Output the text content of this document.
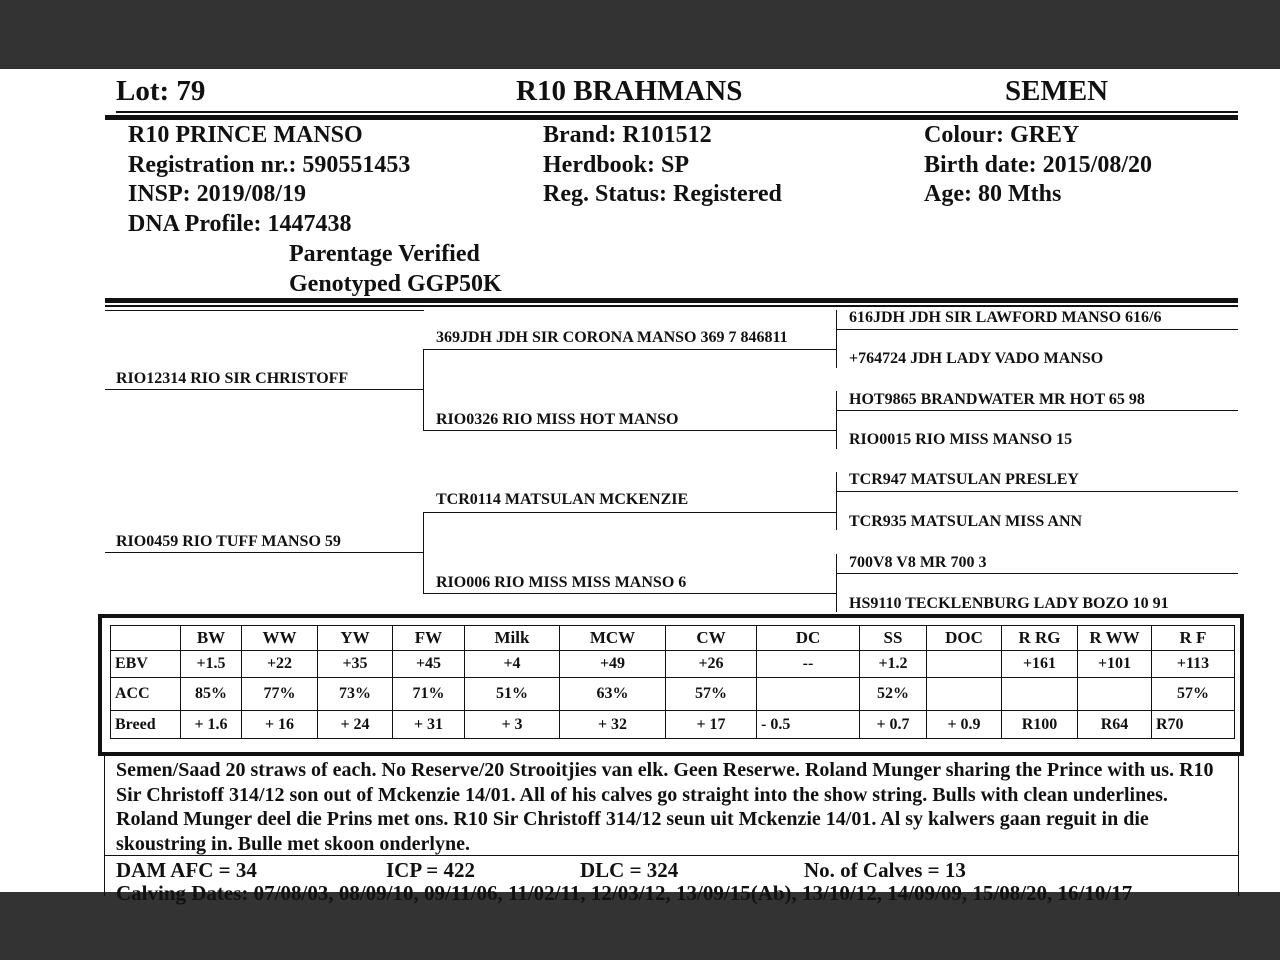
Lot: 79	R10 BRAHMANS	SEMEN
R10 PRINCE MANSO
Registration nr.: 590551453
INSP: 2019/08/19
DNA Profile: 1447438
Parentage Verified
Genotyped GGP50K
Brand: R101512
Herdbook: SP
Reg. Status: Registered
Colour: GREY
Birth date: 2015/08/20
Age: 80 Mths
RIO12314 RIO SIR CHRISTOFF
RIO0459 RIO TUFF MANSO 59
369JDH JDH SIR CORONA MANSO 369 7 846811
RIO0326 RIO MISS HOT MANSO
TCR0114 MATSULAN MCKENZIE
RIO006 RIO MISS MISS MANSO 6
616JDH JDH SIR LAWFORD MANSO 616/6
+764724 JDH LADY VADO MANSO
HOT9865 BRANDWATER MR HOT 65 98
RIO0015 RIO MISS MANSO 15
TCR947 MATSULAN PRESLEY
TCR935 MATSULAN MISS ANN
700V8 V8 MR 700 3
HS9110 TECKLENBURG LADY BOZO 10 91
	BW	WW	YW	FW	Milk	MCW	CW	DC	SS	DOC	R RG	R WW	R F
EBV	+1.5	+22	+35	+45	+4	+49	+26	--	+1.2		+161	+101	+113
ACC	85%	77%	73%	71%	51%	63%	57%		52%				57%
Breed	+ 1.6	+ 16	+ 24	+ 31	+ 3	+ 32	+ 17	- 0.5	+ 0.7	+ 0.9	R100	R64	R70
Semen/Saad 20 straws of each. No Reserve/20 Strooitjies van elk. Geen Reserwe. Roland Munger sharing the Prince with us. R10 Sir Christoff 314/12 son out of Mckenzie 14/01. All of his calves go straight into the show string. Bulls with clean underlines. Roland Munger deel die Prins met ons. R10 Sir Christoff 314/12 seun uit Mckenzie 14/01. Al sy kalwers gaan reguit in die skoustring in. Bulle met skoon onderlyne.
DAM AFC = 34	ICP = 422	DLC = 324	No. of Calves = 13
Calving Dates: 07/08/03, 08/09/10, 09/11/06, 11/02/11, 12/03/12, 13/09/15(Ab), 13/10/12, 14/09/09, 15/08/20, 16/10/17
